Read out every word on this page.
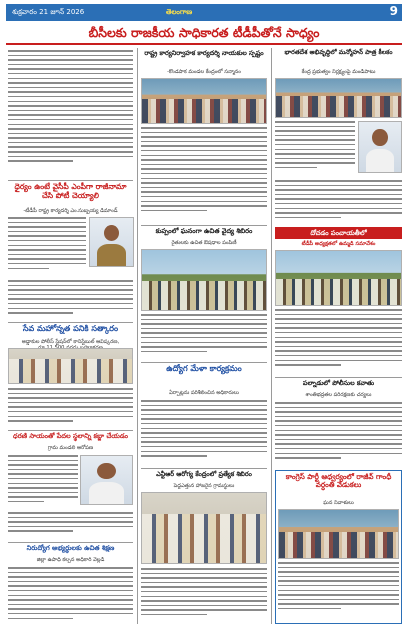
శుక్రవారం 21 జూన్ 2026	తెలంగాణ	9
బీసీలకు రాజకీయ సాధికారత టీడీపీతోనే సాధ్యం
ధైర్యం ఉంటే వైసీపీ ఎంపీగా రాజీనామా చేసి పోటీ చెయ్యాలి
-టీడీపీ రాష్ట్ర కార్యదర్శి ఎం.సుబ్బయ్య డిమాండ్
సేవ మహోన్నత పనికి సత్కారం
అడ్డాకుల పోలీస్ స్టేషన్‌లో కానిస్టేబుల్ ఆవిష్కరణ,
ధరణి సాయంతో పేదల స్థలాన్ని కబ్జా చేయడం
గ్రామ మండలి ఆరోపణ
నిరుద్యోగ అభ్యర్థులకు ఉచిత శిక్షణ
జిల్లా ఉపాధి కల్పన అధికారి వెల్లడి
రాష్ట్ర కార్యనిర్వాహక కార్యదర్శి నాయకుల స్పష్టం
-కొండపాక మండల కేంద్రంలో సన్మానం
కుప్పంలో ఘనంగా ఉచిత వైద్య శిబిరం
రైతులకు ఉచిత ఔషధాల పంపిణీ
ఉద్యోగ మేళా కార్యక్రమం
ఏర్పాట్లను పరిశీలించిన అధికారులు
ఎన్టీఆర్ ఆరోగ్య కేంద్రంలో ప్రత్యేక శిబిరం
పెద్దఎత్తున హాజరైన గ్రామస్థులు
భారతదేశ అభివృద్ధిలో మన్మోహన్ పాత్ర కీలకం
కేంద్ర ప్రభుత్వం నిర్లక్ష్యంపై మండిపాటు
దోచడం పంచాయతీలో
టీడీపీ అధ్యక్షతలో ఉమ్మడి సమావేశం
పల్నాడులో పోలీసుల కవాతు
శాంతిభద్రతల పరిరక్షణకు చర్యలు
కాంగ్రెస్ పార్టీ ఆధ్వర్యంలో రాజీవ్ గాంధీ వర్ధంతి వేడుకలు
ఘన నివాళులు
